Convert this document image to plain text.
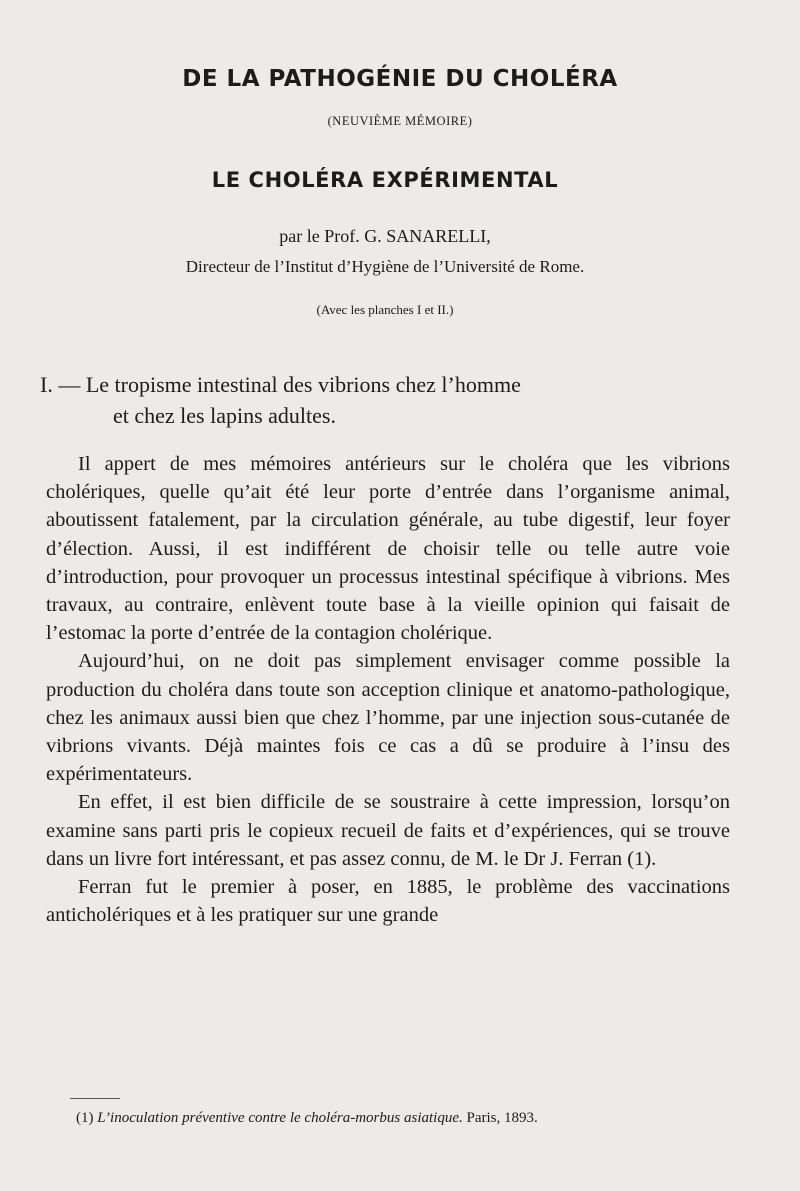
DE LA PATHOGÉNIE DU CHOLÉRA
(NEUVIÈME MÉMOIRE)
LE CHOLÉRA EXPÉRIMENTAL
par le Prof. G. SANARELLI,
Directeur de l’Institut d’Hygiène de l’Université de Rome.
(Avec les planches I et II.)
I. — Le tropisme intestinal des vibrions chez l’homme
et chez les lapins adultes.

Il appert de mes mémoires antérieurs sur le choléra que les vibrions cholériques, quelle qu’ait été leur porte d’entrée dans l’organisme animal, aboutissent fatalement, par la circulation générale, au tube digestif, leur foyer d’élection. Aussi, il est indifférent de choisir telle ou telle autre voie d’introduction, pour provoquer un processus intestinal spécifique à vibrions. Mes travaux, au contraire, enlèvent toute base à la vieille opinion qui faisait de l’estomac la porte d’entrée de la contagion cholérique.

Aujourd’hui, on ne doit pas simplement envisager comme possible la production du choléra dans toute son acception clinique et anatomo-pathologique, chez les animaux aussi bien que chez l’homme, par une injection sous-cutanée de vibrions vivants. Déjà maintes fois ce cas a dû se produire à l’insu des expérimentateurs.

En effet, il est bien difficile de se soustraire à cette impression, lorsqu’on examine sans parti pris le copieux recueil de faits et d’expériences, qui se trouve dans un livre fort intéressant, et pas assez connu, de M. le Dr J. Ferran (1).

Ferran fut le premier à poser, en 1885, le problème des vaccinations anticholériques et à les pratiquer sur une grande

(1) L’inoculation préventive contre le choléra-morbus asiatique. Paris, 1893.
